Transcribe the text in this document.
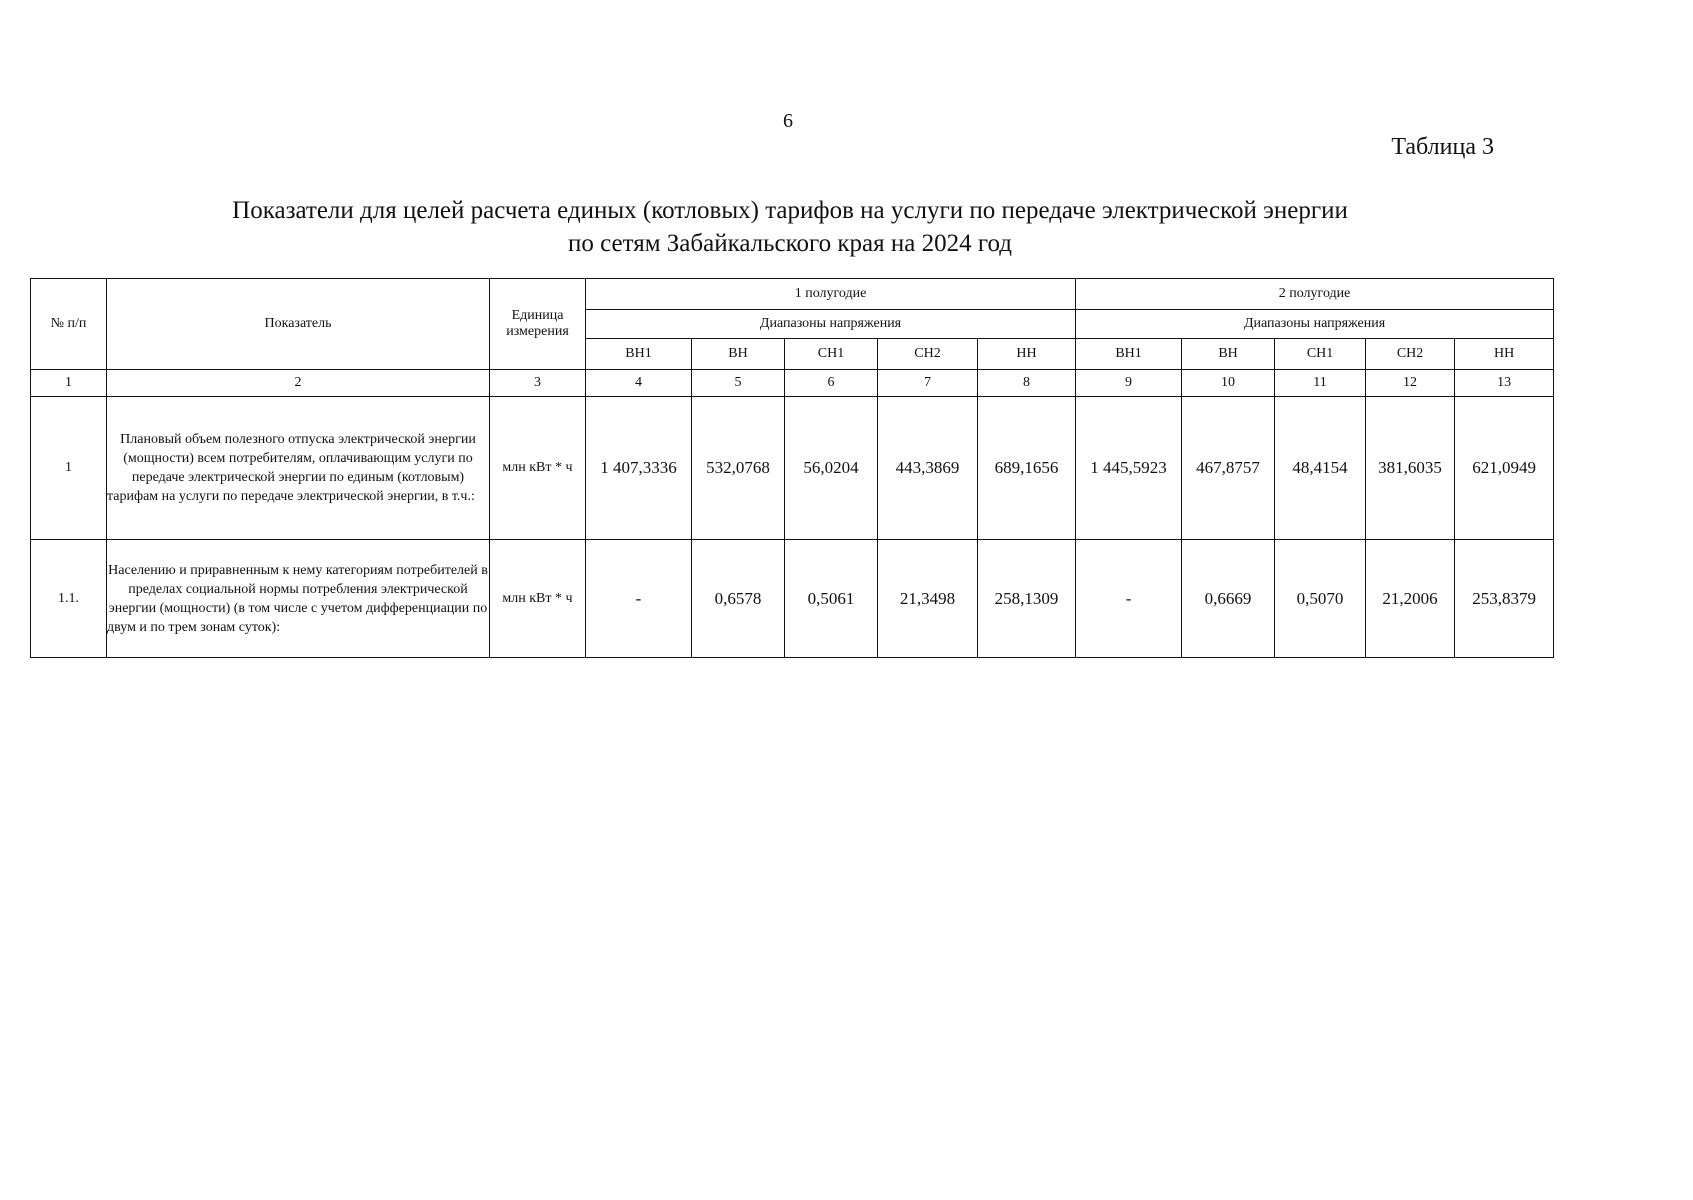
6
Таблица 3
Показатели для целей расчета единых (котловых) тарифов на услуги по передаче электрической энергии
по сетям Забайкальского края на 2024 год
№ п/п	Показатель	Единица измерения	1 полугодие					2 полугодие				
			Диапазоны напряжения					Диапазоны напряжения				
			ВН1	ВН	СН1	СН2	НН	ВН1	ВН	СН1	СН2	НН
1	2	3	4	5	6	7	8	9	10	11	12	13
1	Плановый объем полезного отпуска электрической энергии (мощности) всем потребителям, оплачивающим услуги по передаче электрической энергии по единым (котловым) тарифам на услуги по передаче электрической энергии, в т.ч.:	млн кВт * ч	1 407,3336	532,0768	56,0204	443,3869	689,1656	1 445,5923	467,8757	48,4154	381,6035	621,0949
1.1.	Населению и приравненным к нему категориям потребителей в пределах социальной нормы потребления электрической энергии (мощности) (в том числе с учетом дифференциации по двум и по трем зонам суток):	млн кВт * ч	-	0,6578	0,5061	21,3498	258,1309	-	0,6669	0,5070	21,2006	253,8379
